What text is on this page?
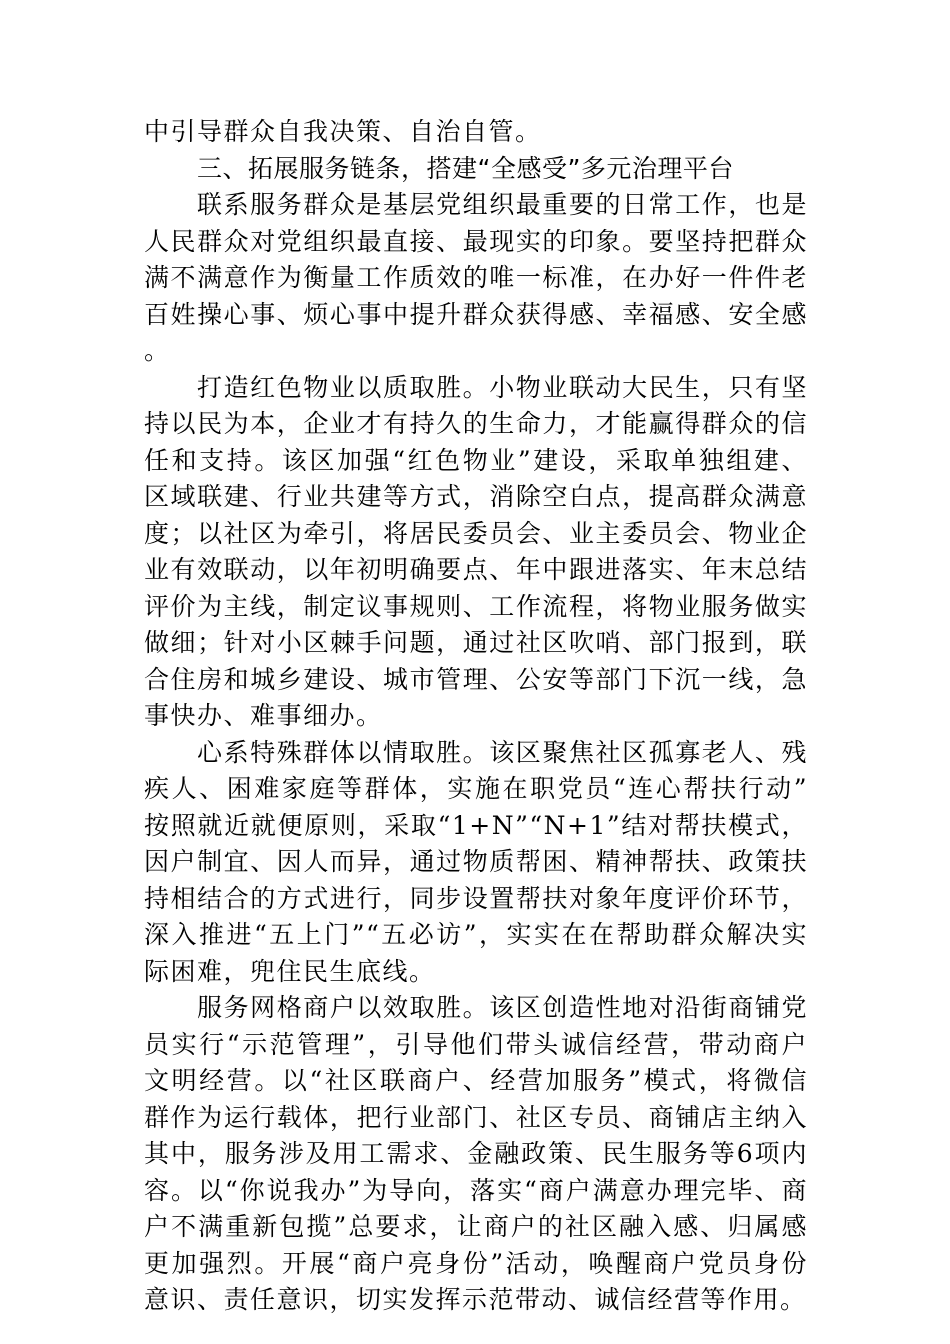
中引导群众自我决策、自治自管。

三、拓展服务链条，搭建“全感受”多元治理平台

联系服务群众是基层党组织最重要的日常工作，也是人民群众对党组织最直接、最现实的印象。要坚持把群众满不满意作为衡量工作质效的唯一标准，在办好一件件老百姓操心事、烦心事中提升群众获得感、幸福感、安全感。

打造红色物业以质取胜。小物业联动大民生，只有坚持以民为本，企业才有持久的生命力，才能赢得群众的信任和支持。该区加强“红色物业”建设，采取单独组建、区域联建、行业共建等方式，消除空白点，提高群众满意度；以社区为牵引，将居民委员会、业主委员会、物业企业有效联动，以年初明确要点、年中跟进落实、年末总结评价为主线，制定议事规则、工作流程，将物业服务做实做细；针对小区棘手问题，通过社区吹哨、部门报到，联合住房和城乡建设、城市管理、公安等部门下沉一线，急事快办、难事细办。

心系特殊群体以情取胜。该区聚焦社区孤寡老人、残疾人、困难家庭等群体，实施在职党员“连心帮扶行动”按照就近就便原则，采取“1+N”“N+1”结对帮扶模式，因户制宜、因人而异，通过物质帮困、精神帮扶、政策扶持相结合的方式进行，同步设置帮扶对象年度评价环节，深入推进“五上门”“五必访”，实实在在帮助群众解决实际困难，兜住民生底线。

服务网格商户以效取胜。该区创造性地对沿街商铺党员实行“示范管理”，引导他们带头诚信经营，带动商户文明经营。以“社区联商户、经营加服务”模式，将微信群作为运行载体，把行业部门、社区专员、商铺店主纳入其中，服务涉及用工需求、金融政策、民生服务等6项内容。以“你说我办”为导向，落实“商户满意办理完毕、商户不满重新包揽”总要求，让商户的社区融入感、归属感更加强烈。开展“商户亮身份”活动，唤醒商户党员身份意识、责任意识，切实发挥示范带动、诚信经营等作用。
